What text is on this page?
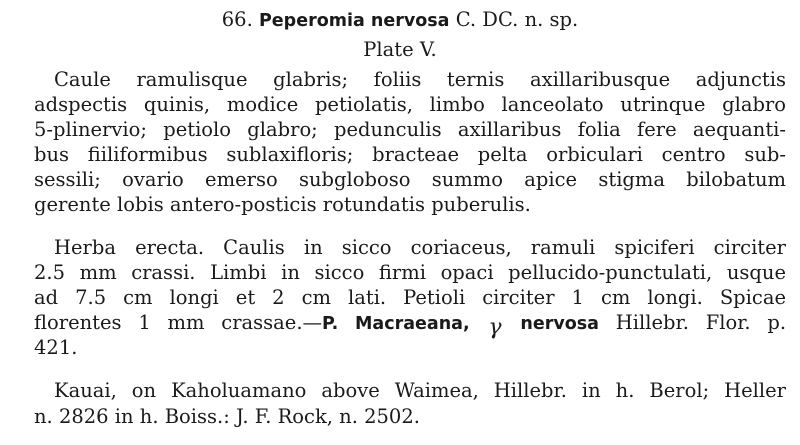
66. Peperomia nervosa C. DC. n. sp.
Plate V.
Caule ramulisque glabris; foliis ternis axillaribusque adjunctis
adspectis quinis, modice petiolatis, limbo lanceolato utrinque glabro
5-plinervio; petiolo glabro; pedunculis axillaribus folia fere aequanti-
bus fiiliformibus sublaxifloris; bracteae pelta orbiculari centro sub-
sessili; ovario emerso subgloboso summo apice stigma bilobatum
gerente lobis antero-posticis rotundatis puberulis.
Herba erecta. Caulis in sicco coriaceus, ramuli spiciferi circiter
2.5 mm crassi. Limbi in sicco firmi opaci pellucido-punctulati, usque
ad 7.5 cm longi et 2 cm lati. Petioli circiter 1 cm longi. Spicae
florentes 1 mm crassae.—P. Macraeana, γ nervosa Hillebr. Flor. p.
421.
Kauai, on Kaholuamano above Waimea, Hillebr. in h. Berol; Heller
n. 2826 in h. Boiss.: J. F. Rock, n. 2502.
